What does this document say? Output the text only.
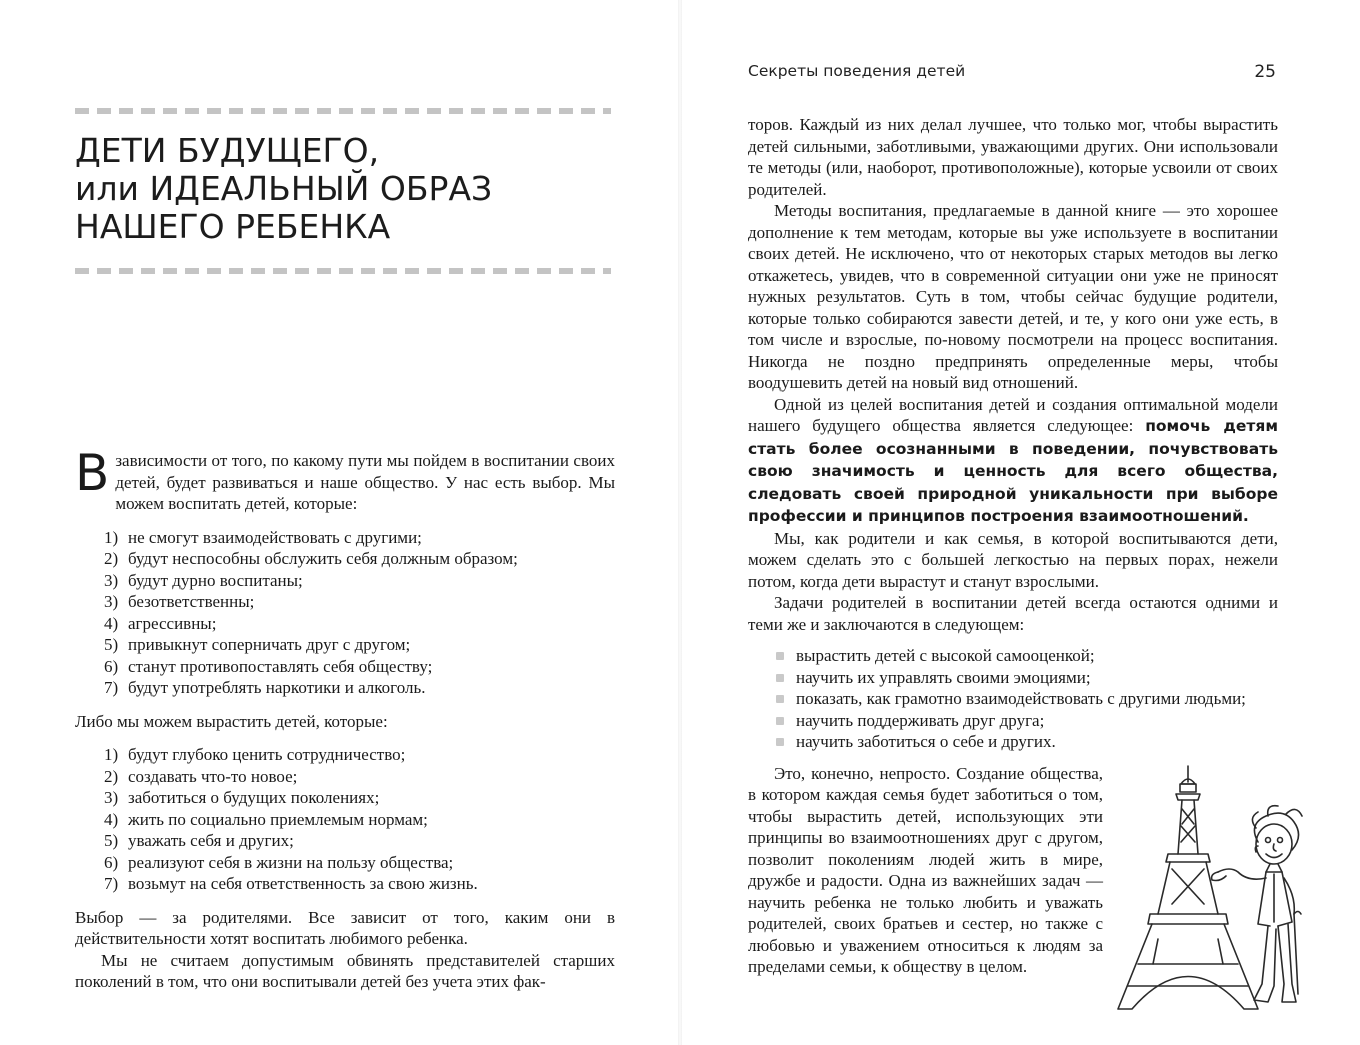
ДЕТИ БУДУЩЕГО,
или ИДЕАЛЬНЫЙ ОБРАЗ
НАШЕГО РЕБЕНКА

Взависимости от того, по какому пути мы пойдем в воспитании своих детей, будет развиваться и наше общество. У нас есть выбор. Мы можем воспитать детей, которые:

1) не смогут взаимодействовать с другими;
2) будут неспособны обслужить себя должным образом;
3) будут дурно воспитаны;
3) безответственны;
4) агрессивны;
5) привыкнут соперничать друг с другом;
6) станут противопоставлять себя обществу;
7) будут употреблять наркотики и алкоголь.

Либо мы можем вырастить детей, которые:

1) будут глубоко ценить сотрудничество;
2) создавать что-то новое;
3) заботиться о будущих поколениях;
4) жить по социально приемлемым нормам;
5) уважать себя и других;
6) реализуют себя в жизни на пользу общества;
7) возьмут на себя ответственность за свою жизнь.

Выбор — за родителями. Все зависит от того, каким они в действительности хотят воспитать любимого ребенка.

Мы не считаем допустимым обвинять представителей старших поколений в том, что они воспитывали детей без учета этих фак-

Секреты поведения детей	25

торов. Каждый из них делал лучшее, что только мог, чтобы вырастить детей сильными, заботливыми, уважающими других. Они использовали те методы (или, наоборот, противоположные), которые усвоили от своих родителей.

Методы воспитания, предлагаемые в данной книге — это хорошее дополнение к тем методам, которые вы уже используете в воспитании своих детей. Не исключено, что от некоторых старых методов вы легко откажетесь, увидев, что в современной ситуации они уже не приносят нужных результатов. Суть в том, чтобы сейчас будущие родители, которые только собираются завести детей, и те, у кого они уже есть, в том числе и взрослые, по-новому посмотрели на процесс воспитания. Никогда не поздно предпринять определенные меры, чтобы воодушевить детей на новый вид отношений.

Одной из целей воспитания детей и создания оптимальной модели нашего будущего общества является следующее: помочь детям стать более осознанными в поведении, почувствовать свою значимость и ценность для всего общества, следовать своей природной уникальности при выборе профессии и принципов построения взаимоотношений.

Мы, как родители и как семья, в которой воспитываются дети, можем сделать это с большей легкостью на первых порах, нежели потом, когда дети вырастут и станут взрослыми.

Задачи родителей в воспитании детей всегда остаются одними и теми же и заключаются в следующем:

вырастить детей с высокой самооценкой;
научить их управлять своими эмоциями;
показать, как грамотно взаимодействовать с другими людьми;
научить поддерживать друг друга;
научить заботиться о себе и других.

Это, конечно, непросто. Создание общества, в котором каждая семья будет заботиться о том, чтобы вырастить детей, использующих эти принципы во взаимоотношениях друг с другом, позволит поколениям людей жить в мире, дружбе и радости. Одна из важнейших задач — научить ребенка не только любить и уважать родителей, своих братьев и сестер, но также с любовью и уважением относиться к людям за пределами семьи, к обществу в целом.
